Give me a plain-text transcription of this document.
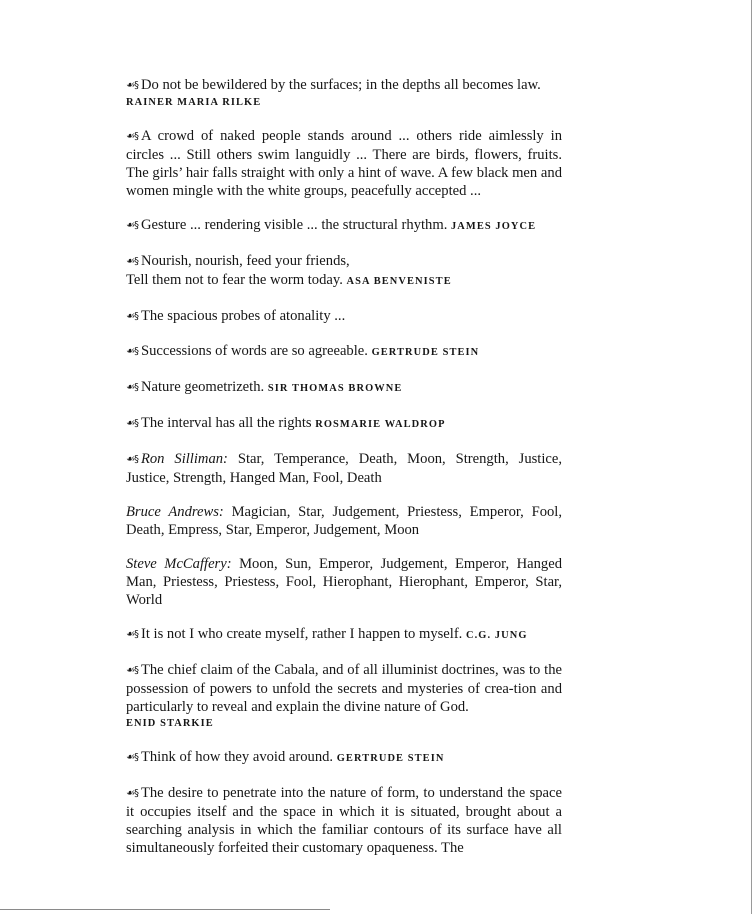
☙§ Do not be bewildered by the surfaces; in the depths all becomes law.
RAINER MARIA RILKE

☙§ A crowd of naked people stands around ... others ride aimlessly in circles ... Still others swim languidly ... There are birds, flowers, fruits. The girls’ hair falls straight with only a hint of wave. A few black men and women mingle with the white groups, peacefully accepted ...

☙§ Gesture ... rendering visible ... the structural rhythm. JAMES JOYCE

☙§ Nourish, nourish, feed your friends,
Tell them not to fear the worm today. ASA BENVENISTE

☙§ The spacious probes of atonality ...

☙§ Successions of words are so agreeable. GERTRUDE STEIN

☙§ Nature geometrizeth. SIR THOMAS BROWNE

☙§ The interval has all the rights ROSMARIE WALDROP

☙§ Ron Silliman: Star, Temperance, Death, Moon, Strength, Justice, Justice, Strength, Hanged Man, Fool, Death

Bruce Andrews: Magician, Star, Judgement, Priestess, Emperor, Fool, Death, Empress, Star, Emperor, Judgement, Moon

Steve McCaffery: Moon, Sun, Emperor, Judgement, Emperor, Hanged Man, Priestess, Priestess, Fool, Hierophant, Hierophant, Emperor, Star, World

☙§ It is not I who create myself, rather I happen to myself. C.G. JUNG

☙§ The chief claim of the Cabala, and of all illuminist doctrines, was to the possession of powers to unfold the secrets and mysteries of crea-tion and particularly to reveal and explain the divine nature of God.
ENID STARKIE

☙§ Think of how they avoid around. GERTRUDE STEIN

☙§ The desire to penetrate into the nature of form, to understand the space it occupies itself and the space in which it is situated, brought about a searching analysis in which the familiar contours of its surface have all simultaneously forfeited their customary opaqueness. The
